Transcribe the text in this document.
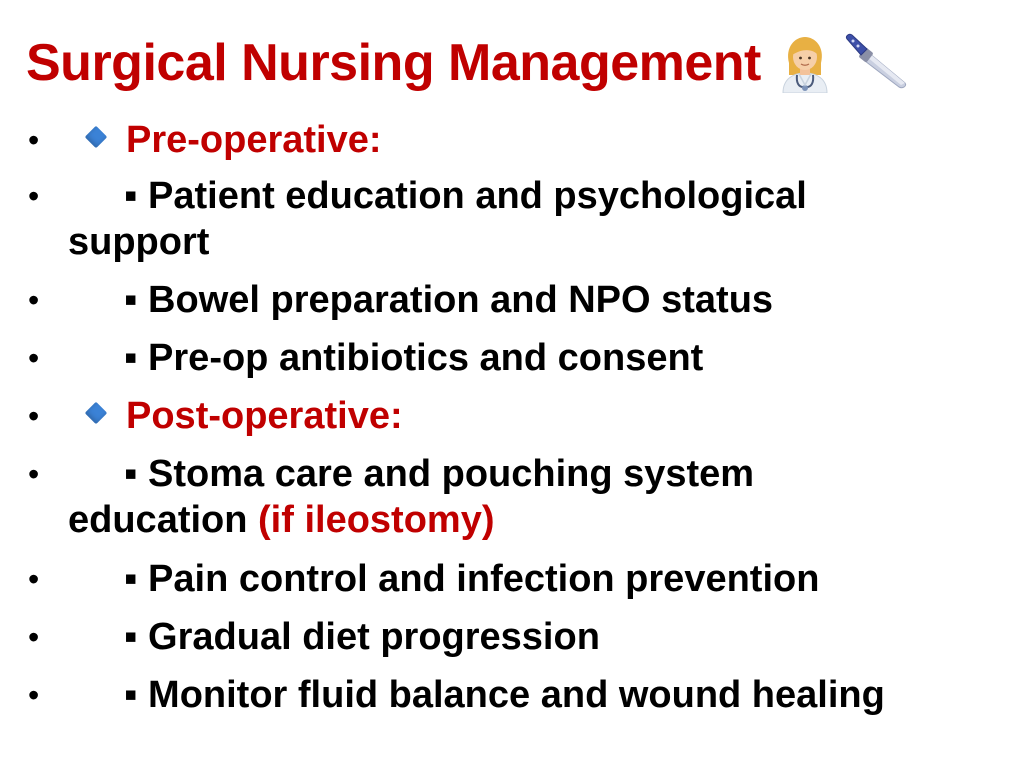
Surgical Nursing Management
•	Pre-operative:
•	▪ Patient education and psychological
support
•	▪ Bowel preparation and NPO status
•	▪ Pre-op antibiotics and consent
•	Post-operative:
•	▪ Stoma care and pouching system
education (if ileostomy)
•	▪ Pain control and infection prevention
•	▪ Gradual diet progression
•	▪ Monitor fluid balance and wound healing
